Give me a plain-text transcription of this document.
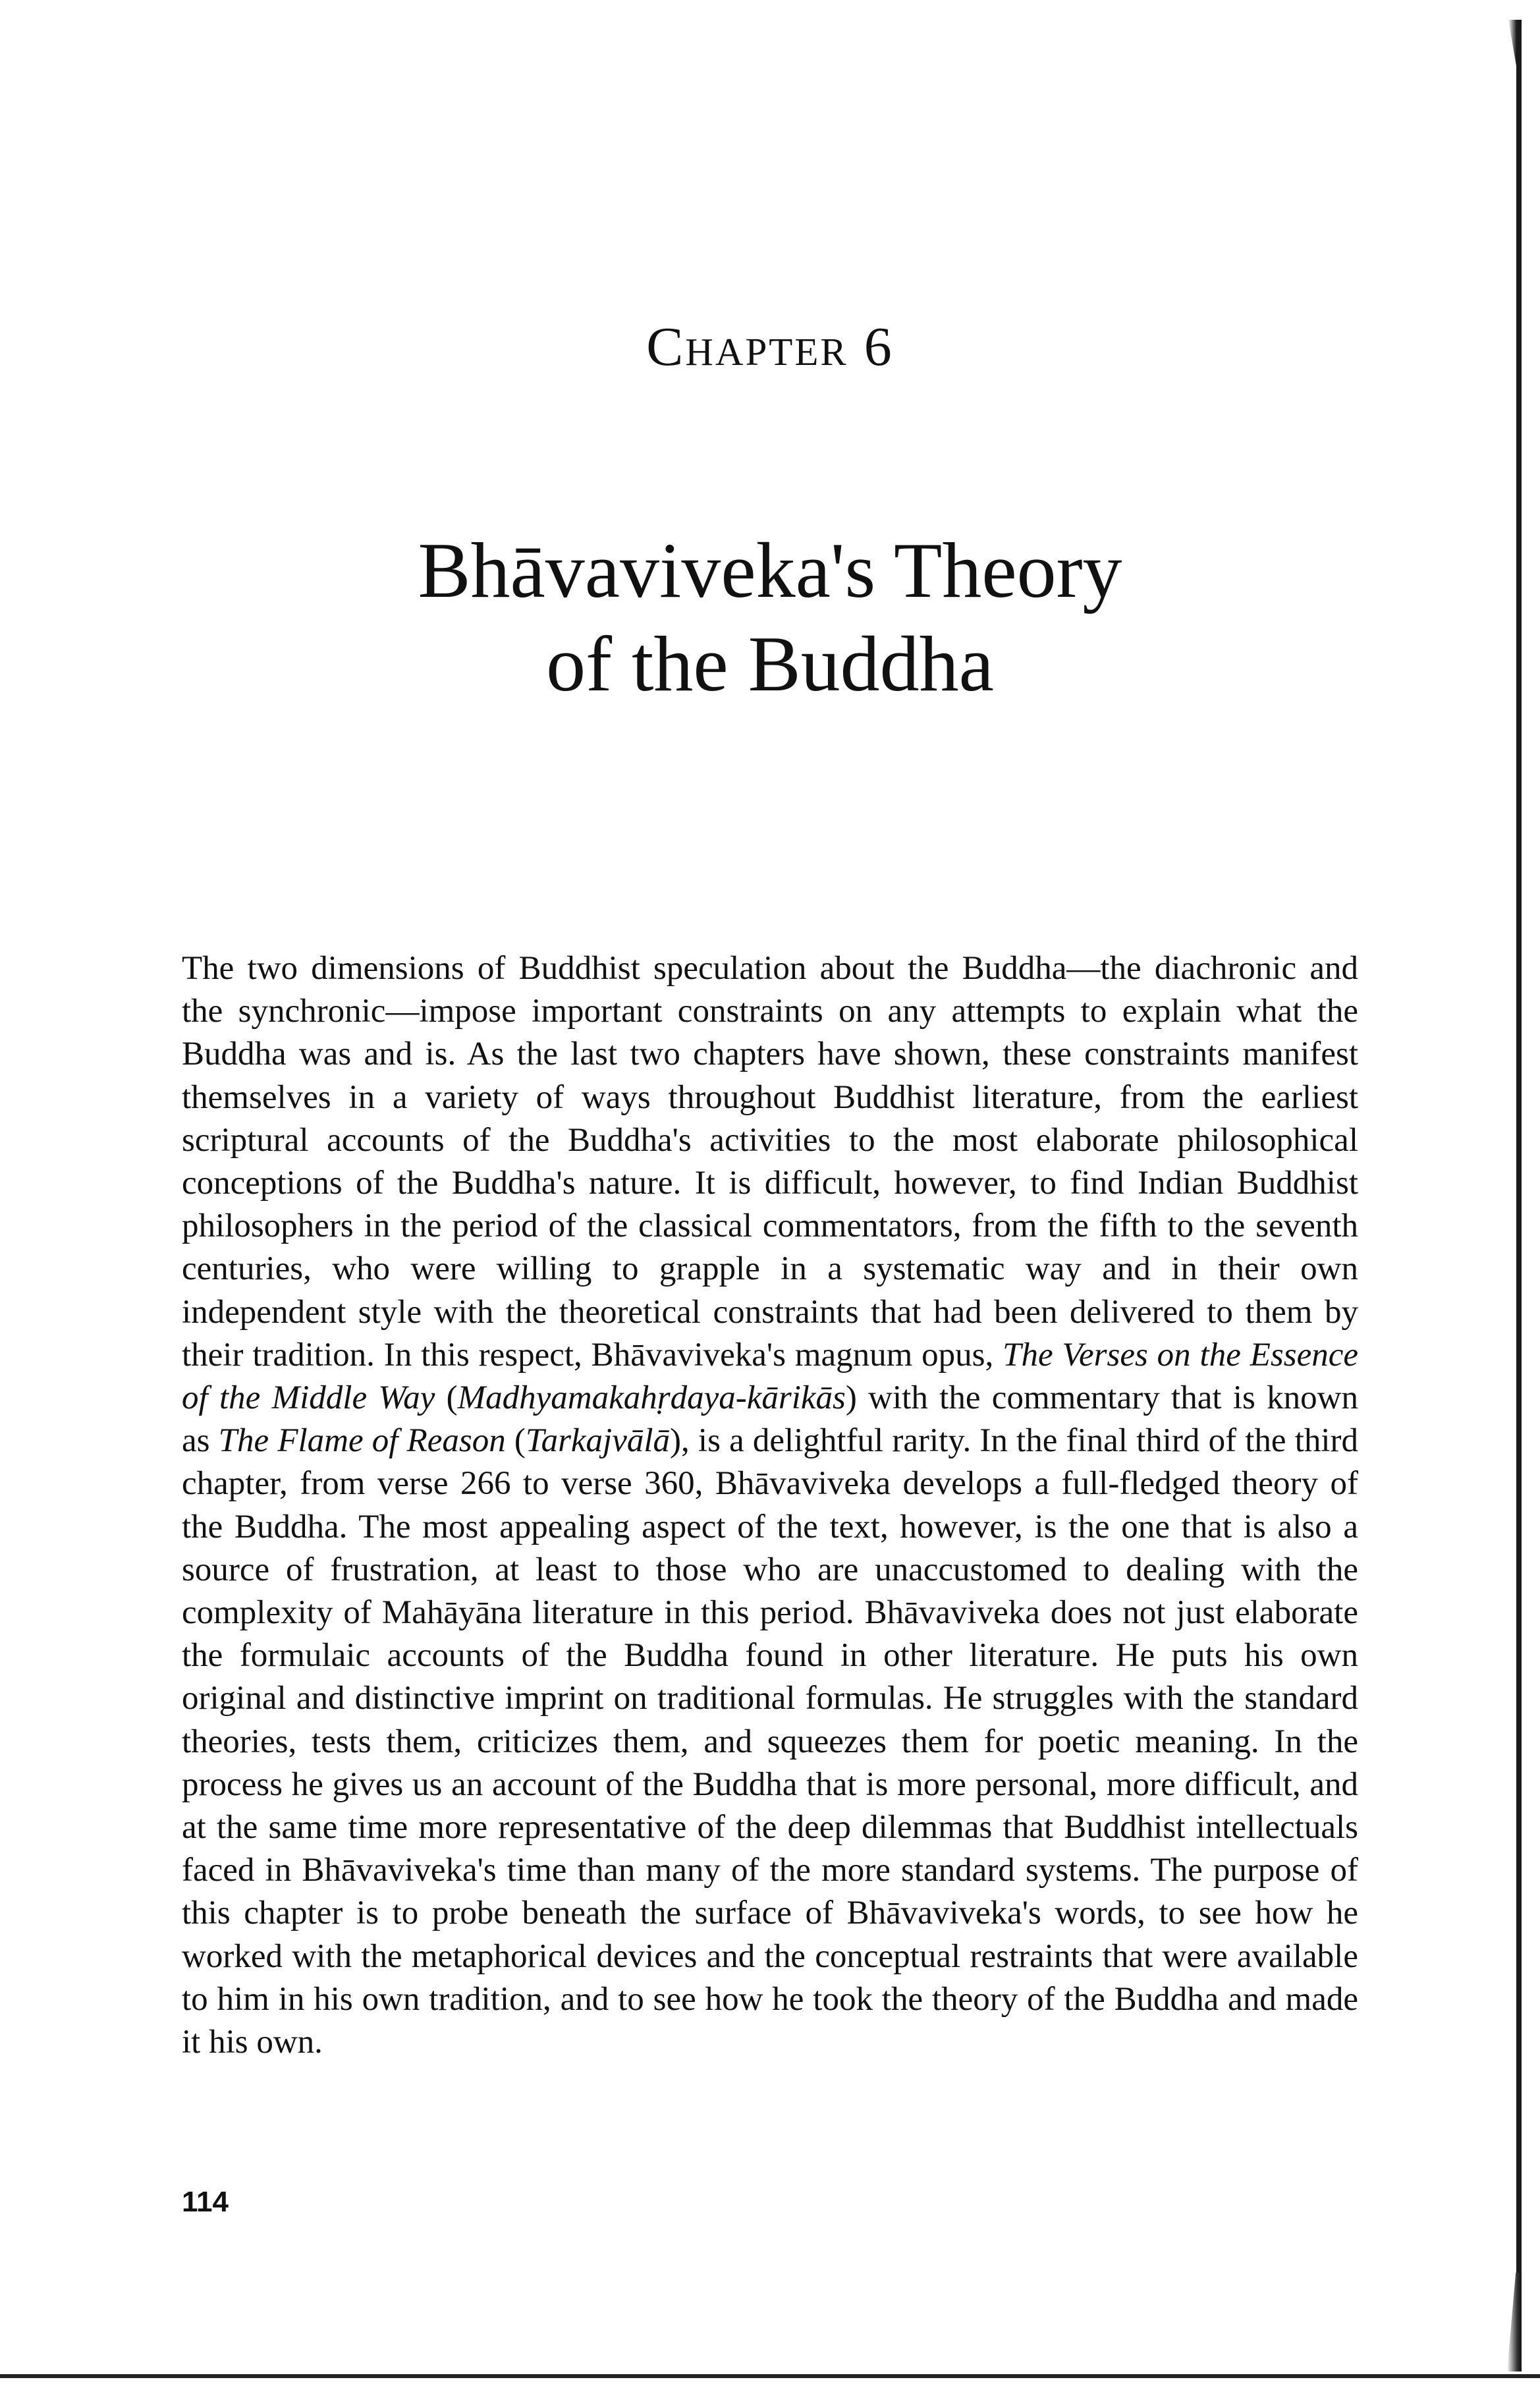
Chapter 6
Bhāvaviveka's Theory
of the Buddha

The two dimensions of Buddhist speculation about the Buddha—the diachronic and the synchronic—impose important constraints on any attempts to explain what the Buddha was and is. As the last two chapters have shown, these constraints manifest themselves in a variety of ways throughout Buddhist literature, from the earliest scriptural accounts of the Buddha's activities to the most elaborate philosophical conceptions of the Buddha's nature. It is difficult, however, to find Indian Buddhist philosophers in the period of the classical commentators, from the fifth to the seventh centuries, who were willing to grapple in a systematic way and in their own independent style with the theoretical constraints that had been delivered to them by their tradition. In this respect, Bhāvaviveka's magnum opus, The Verses on the Essence of the Middle Way (Madhyamakahṛdaya-kārikās) with the commentary that is known as The Flame of Reason (Tarkajvālā), is a delightful rarity. In the final third of the third chapter, from verse 266 to verse 360, Bhāvaviveka develops a full-fledged theory of the Buddha. The most appealing aspect of the text, however, is the one that is also a source of frustration, at least to those who are unaccustomed to dealing with the complexity of Mahāyāna literature in this period. Bhāvaviveka does not just elaborate the formulaic accounts of the Buddha found in other literature. He puts his own original and distinctive imprint on traditional formulas. He struggles with the standard theories, tests them, criticizes them, and squeezes them for poetic meaning. In the process he gives us an account of the Buddha that is more personal, more difficult, and at the same time more representative of the deep dilemmas that Buddhist intellectuals faced in Bhāvaviveka's time than many of the more standard systems. The purpose of this chapter is to probe beneath the surface of Bhāvaviveka's words, to see how he worked with the metaphorical devices and the conceptual restraints that were available to him in his own tradition, and to see how he took the theory of the Buddha and made it his own.

114
